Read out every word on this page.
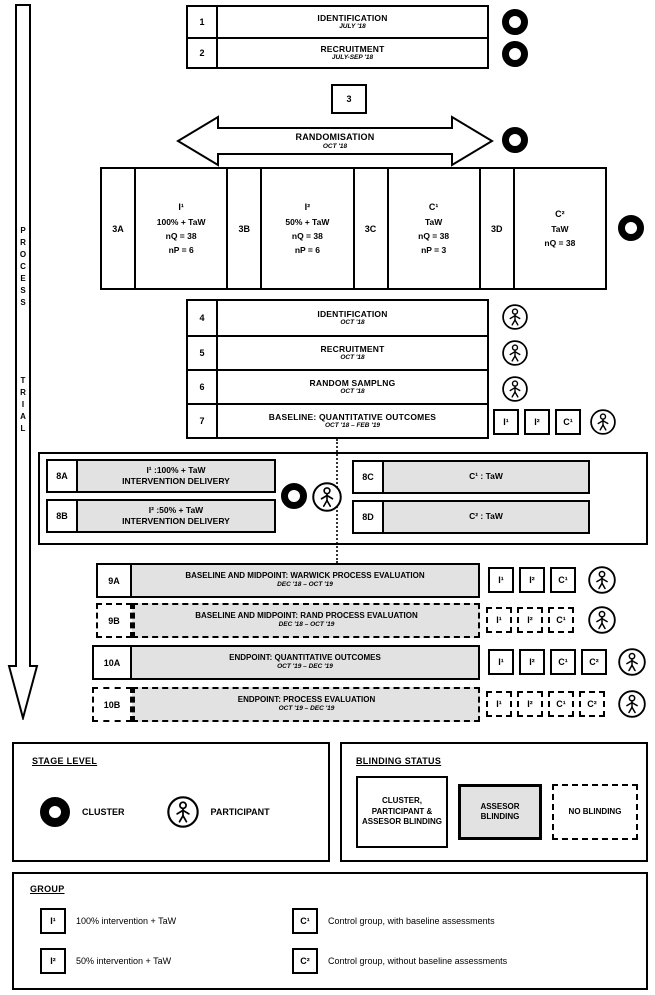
PROCESS
TRIAL
1	IDENTIFICATION
JULY '18
2	RECRUITMENT
JULY-SEP '18
3
RANDOMISATION
OCT '18
3A
I¹
100% + TaW
nQ = 38
nP = 6
3B
I²
50% + TaW
nQ = 38
nP = 6
3C
C¹
TaW
nQ = 38
nP = 3
3D
C²
TaW
nQ = 38
4	IDENTIFICATION
OCT '18
5	RECRUITMENT
OCT '18
6	RANDOM SAMPLNG
OCT '18
7	BASELINE: QUANTITATIVE OUTCOMES
OCT '18 – FEB '19	I¹	I²	C¹
8A
I¹ :100% + TaW
INTERVENTION DELIVERY
8B
I² :50% + TaW
INTERVENTION DELIVERY
8C	C¹ : TaW
8D	C² : TaW
9A	BASELINE AND MIDPOINT: WARWICK PROCESS EVALUATION
DEC '18 – OCT '19	I¹	I²	C¹
9B	BASELINE AND MIDPOINT: RAND PROCESS EVALUATION
DEC '18 – OCT '19	I¹	I²	C¹
10A	ENDPOINT: QUANTITATIVE OUTCOMES
OCT '19 – DEC '19	I¹	I²	C¹	C²
10B	ENDPOINT: PROCESS EVALUATION
OCT '19 – DEC '19	I¹	I²	C¹	C²
STAGE LEVEL
CLUSTER	PARTICIPANT
BLINDING STATUS
CLUSTER, PARTICIPANT & ASSESOR BLINDING
ASSESOR BLINDING
NO BLINDING
GROUP
I¹	100% intervention + TaW
I²	50% intervention + TaW
C¹	Control group, with baseline assessments
C²	Control group, without baseline assessments
